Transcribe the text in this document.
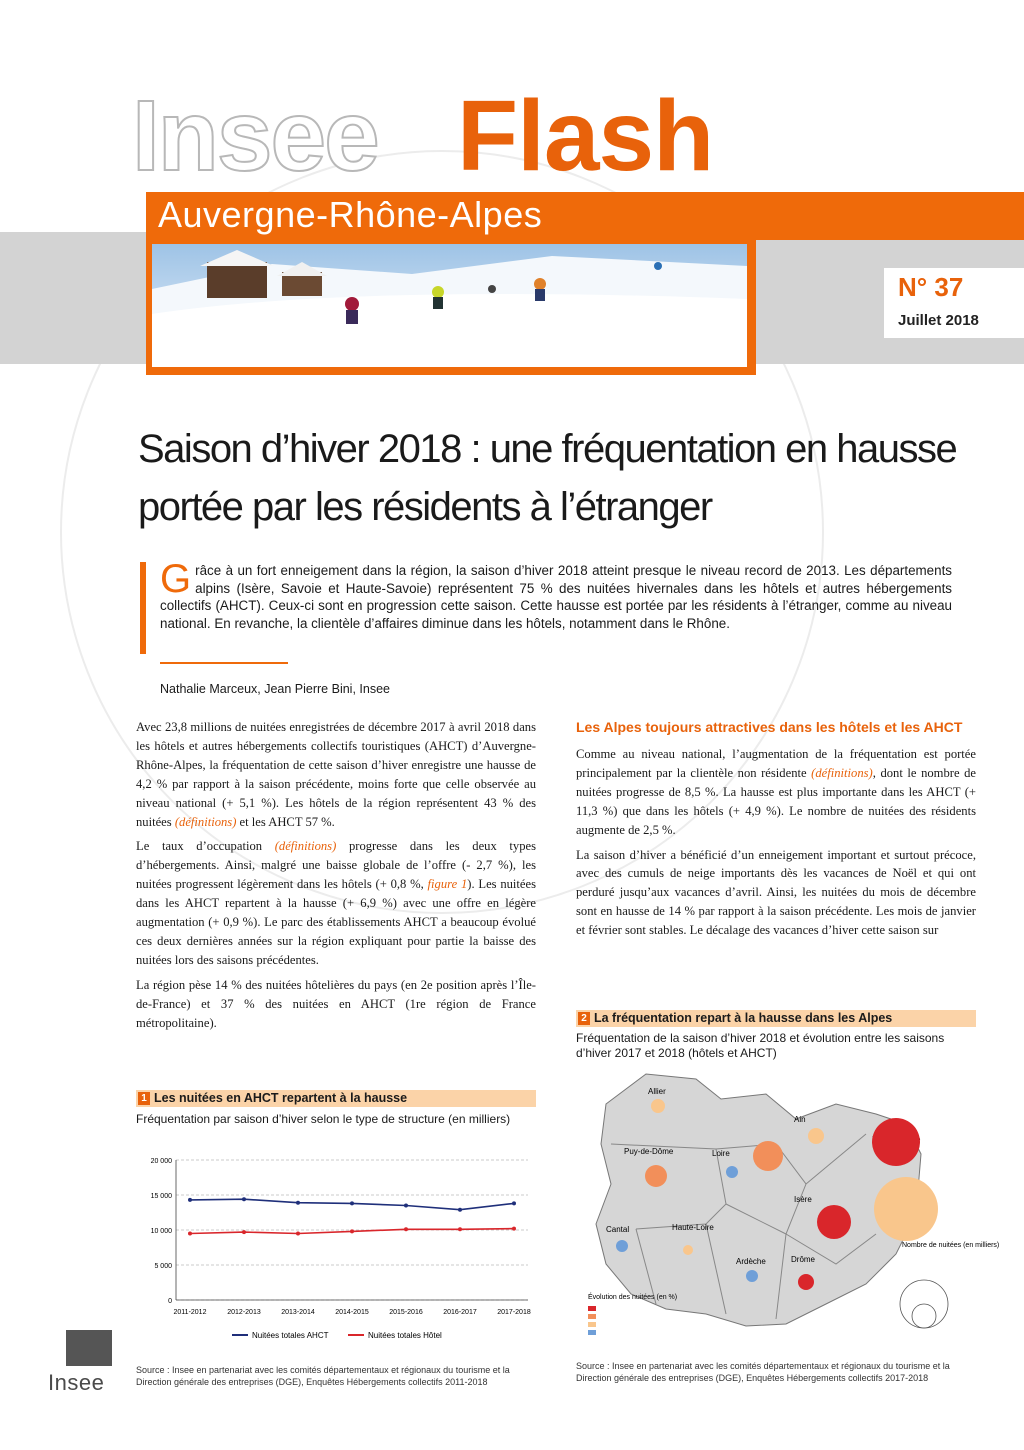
Insee Flash
Auvergne-Rhône-Alpes
N° 37
Juillet 2018
Saison d’hiver 2018 : une fréquentation en hausse
portée par les résidents à l’étranger
Grâce à un fort enneigement dans la région, la saison d’hiver 2018 atteint presque le niveau record de 2013. Les départements alpins (Isère, Savoie et Haute-Savoie) représentent 75 % des nuitées hivernales dans les hôtels et autres hébergements collectifs (AHCT). Ceux-ci sont en progression cette saison. Cette hausse est portée par les résidents à l’étranger, comme au niveau national. En revanche, la clientèle d’affaires diminue dans les hôtels, notamment dans le Rhône.
Nathalie Marceux, Jean Pierre Bini, Insee

Avec 23,8 millions de nuitées enregistrées de décembre 2017 à avril 2018 dans les hôtels et autres hébergements collectifs touristiques (AHCT) d’Auvergne-Rhône-Alpes, la fréquentation de cette saison d’hiver enregistre une hausse de 4,2 % par rapport à la saison précédente, moins forte que celle observée au niveau national (+ 5,1 %). Les hôtels de la région représentent 43 % des nuitées (définitions) et les AHCT 57 %.

Le taux d’occupation (définitions) progresse dans les deux types d’hébergements. Ainsi, malgré une baisse globale de l’offre (- 2,7 %), les nuitées progressent légèrement dans les hôtels (+ 0,8 %, figure 1). Les nuitées dans les AHCT repartent à la hausse (+ 6,9 %) avec une offre en légère augmentation (+ 0,9 %). Le parc des établissements AHCT a beaucoup évolué ces deux dernières années sur la région expliquant pour partie la baisse des nuitées lors des saisons précédentes.

La région pèse 14 % des nuitées hôtelières du pays (en 2e position après l’Île-de-France) et 37 % des nuitées en AHCT (1re région de France métropolitaine).

Les Alpes toujours attractives dans les hôtels et les AHCT

Comme au niveau national, l’augmentation de la fréquentation est portée principalement par la clientèle non résidente (définitions), dont le nombre de nuitées progresse de 8,5 %. La hausse est plus importante dans les AHCT (+ 11,3 %) que dans les hôtels (+ 4,9 %). Le nombre de nuitées des résidents augmente de 2,5 %.

La saison d’hiver a bénéficié d’un enneigement important et surtout précoce, avec des cumuls de neige importants dès les vacances de Noël et qui ont perduré jusqu’aux vacances d’avril. Ainsi, les nuitées du mois de décembre sont en hausse de 14 % par rapport à la saison précédente. Les mois de janvier et février sont stables. Le décalage des vacances d’hiver cette saison sur

1 Les nuitées en AHCT repartent à la hausse
Fréquentation par saison d’hiver selon le type de structure (en milliers)
20 000
15 000
10 000
5 000
0
2011-2012	2012-2013	2013-2014	2014-2015	2015-2016	2016-2017	2017-2018
Nuitées totales AHCT	Nuitées totales Hôtel
Source : Insee en partenariat avec les comités départementaux et régionaux du tourisme et la Direction générale des entreprises (DGE), Enquêtes Hébergements collectifs 2011-2018
2 La fréquentation repart à la hausse dans les Alpes
Fréquentation de la saison d’hiver 2018 et évolution entre les saisons d’hiver 2017 et 2018 (hôtels et AHCT)
Allier
Puy-de-Dôme	Loire
Ain
Isère
Cantal	Haute-Loire
Ardèche	Drôme
Nombre de nuitées (en milliers)
Évolution des nuitées (en %)
Source : Insee en partenariat avec les comités départementaux et régionaux du tourisme et la Direction générale des entreprises (DGE), Enquêtes Hébergements collectifs 2017-2018
Insee
